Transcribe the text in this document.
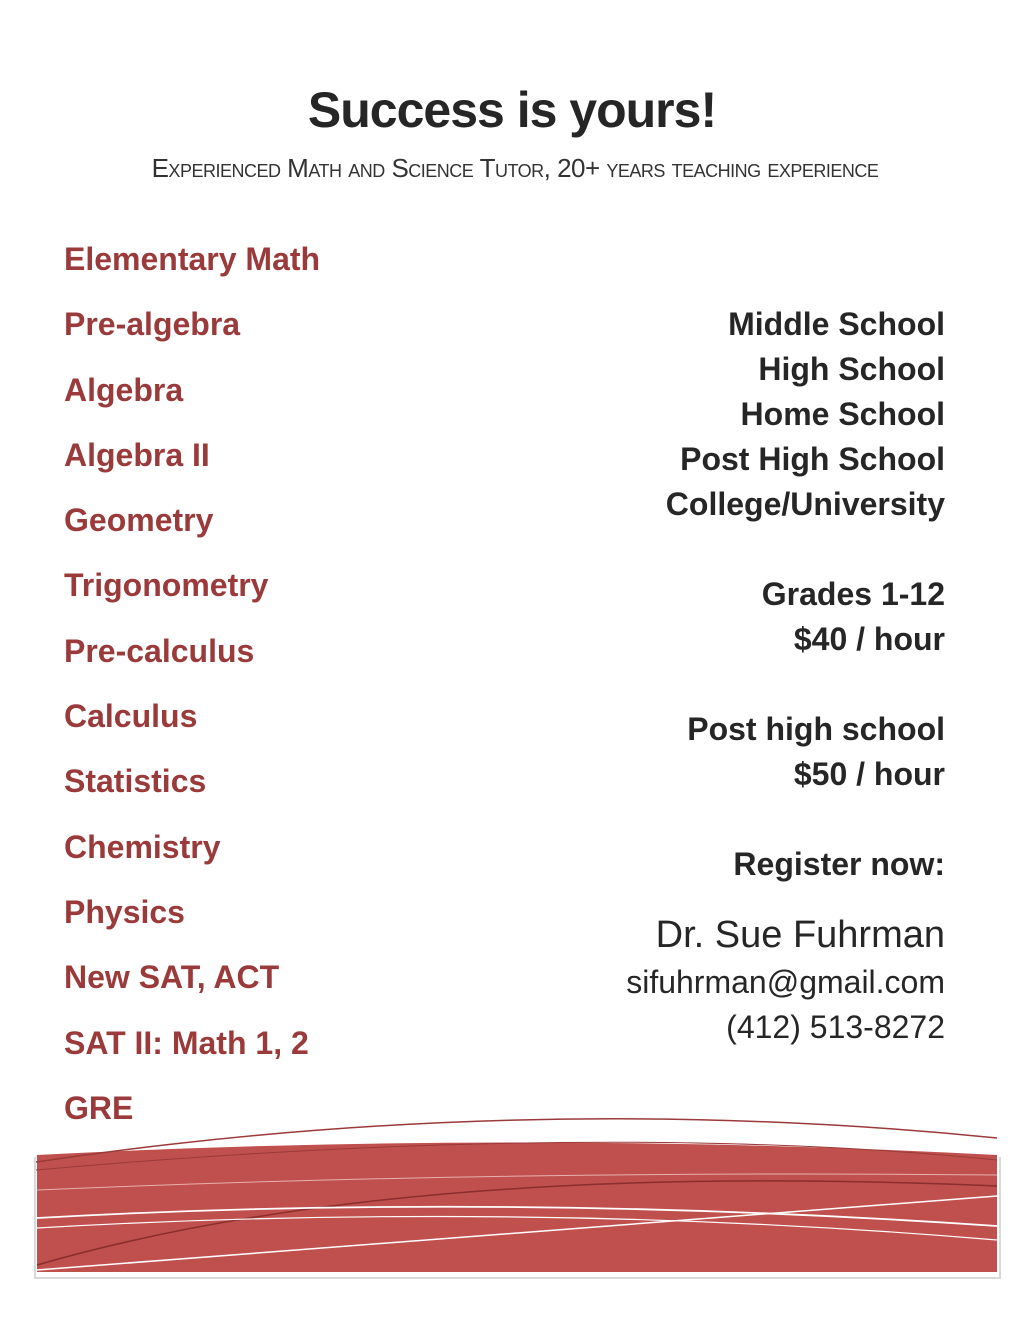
Success is yours!

Experienced Math and Science Tutor, 20+ years teaching experience

Elementary Math
Pre-algebra
Algebra
Algebra II
Geometry
Trigonometry
Pre-calculus
Calculus
Statistics
Chemistry
Physics
New SAT, ACT
SAT II: Math 1, 2
GRE
Middle School
High School
Home School
Post High School
College/University
Grades 1-12
$40 / hour
Post high school
$50 / hour
Register now:
Dr. Sue Fuhrman
sifuhrman@gmail.com
(412) 513-8272
